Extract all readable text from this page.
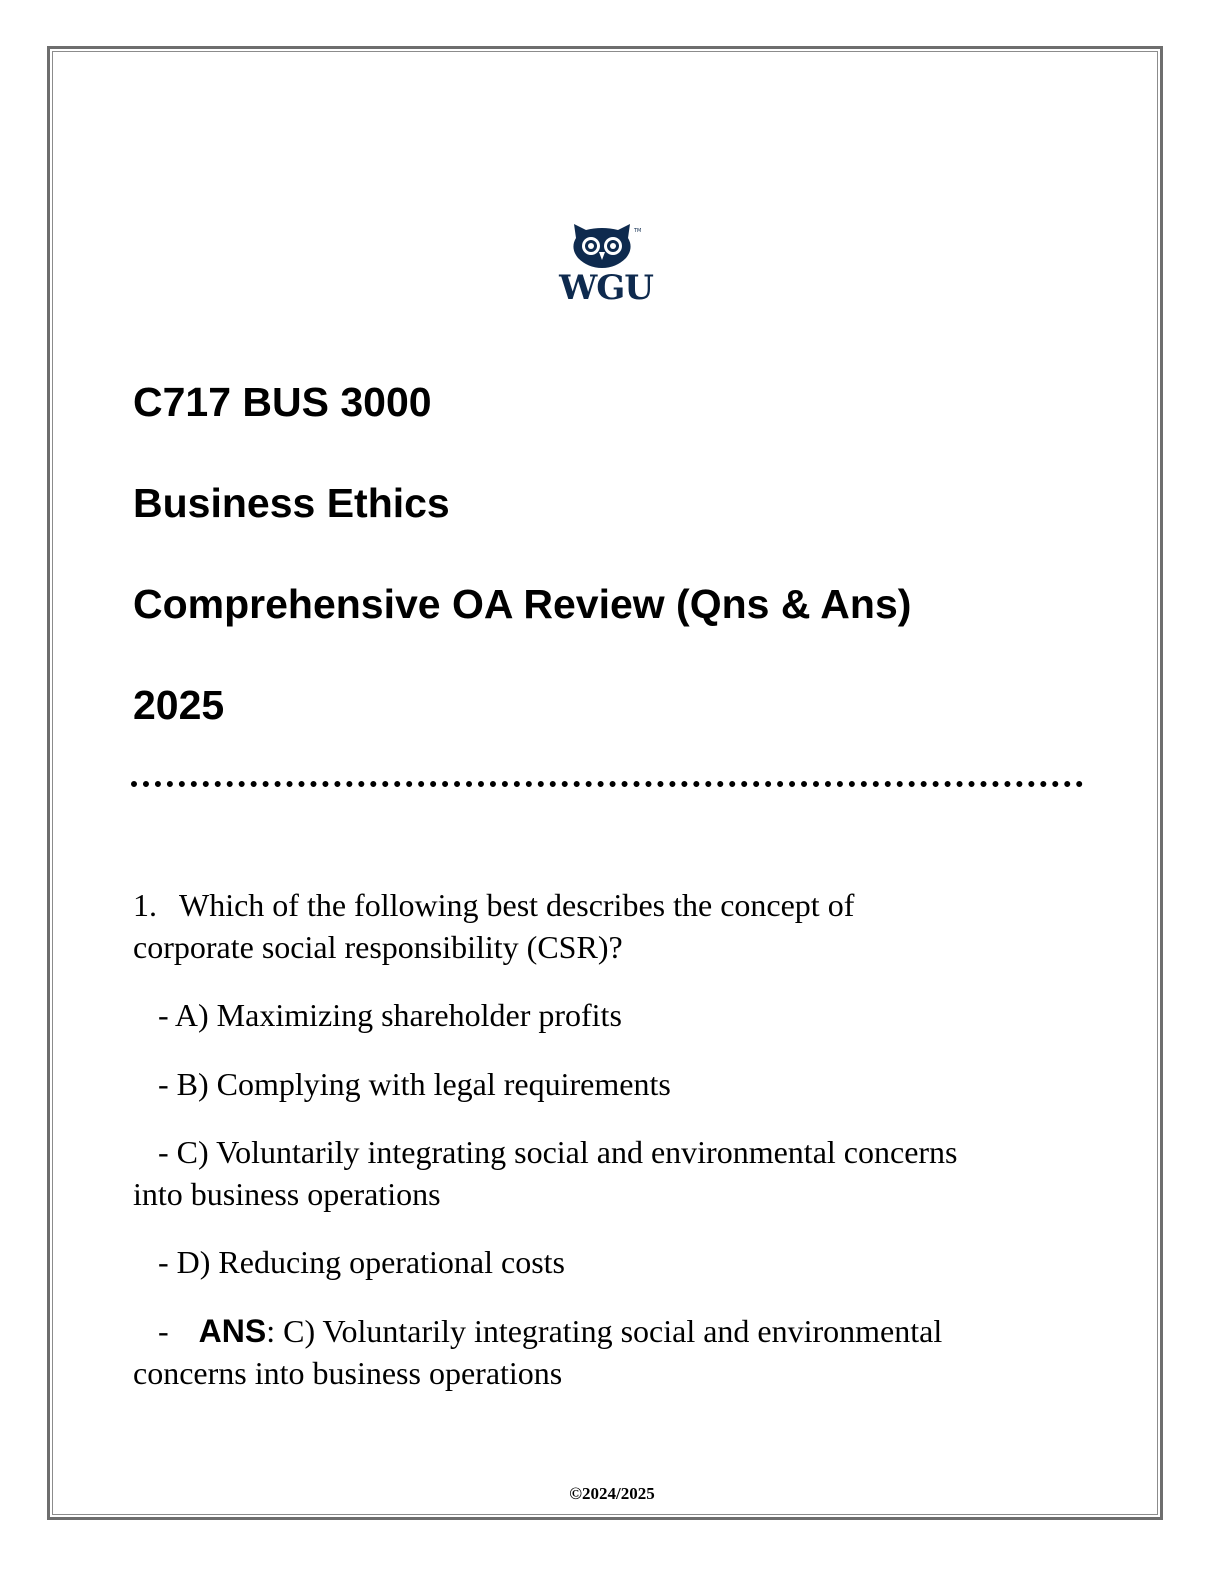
TM
WGU
C717 BUS 3000
Business Ethics
Comprehensive OA Review (Qns & Ans)
2025
1. Which of the following best describes the concept of
corporate social responsibility (CSR)?
- A) Maximizing shareholder profits
- B) Complying with legal requirements
- C) Voluntarily integrating social and environmental concerns
into business operations
- D) Reducing operational costs
- ANS: C) Voluntarily integrating social and environmental
concerns into business operations
©2024/2025
